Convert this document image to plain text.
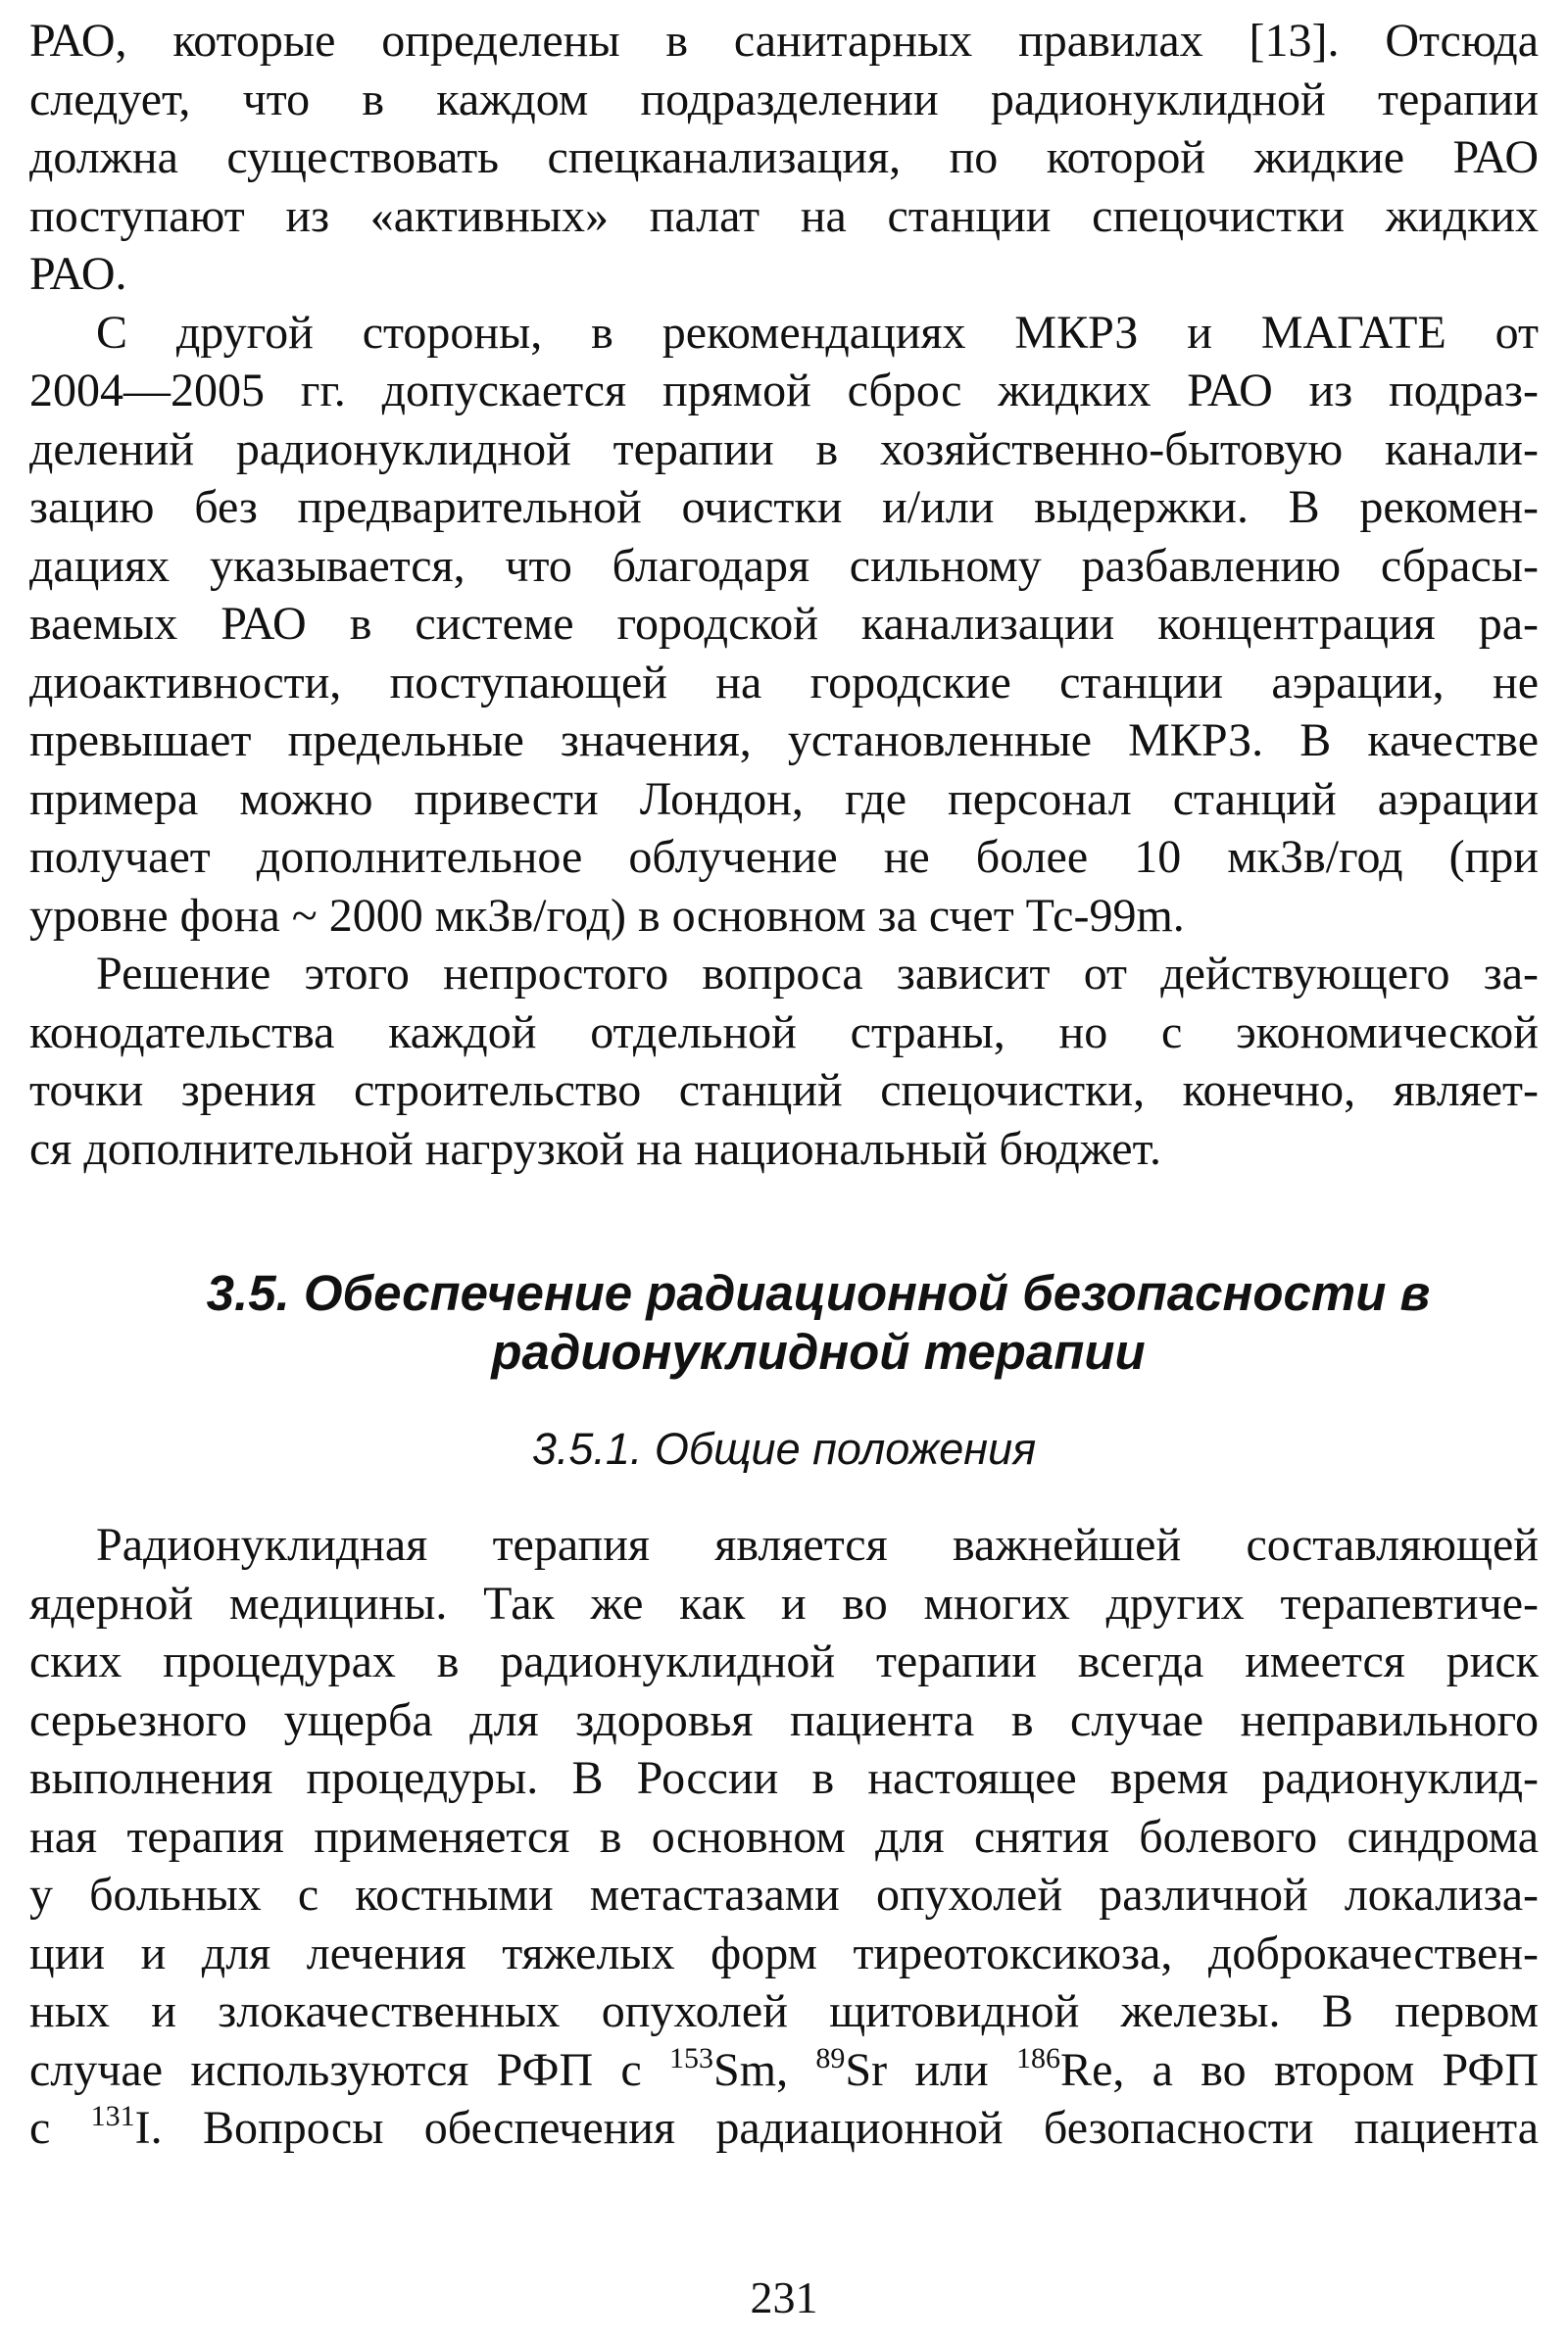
РАО, которые определены в санитарных правилах [13]. Отсюда
следует, что в каждом подразделении радионуклидной терапии
должна существовать спецканализация, по которой жидкие РАО
поступают из «активных» палат на станции спецочистки жидких
РАО.
С другой стороны, в рекомендациях МКРЗ и МАГАТЕ от
2004—2005 гг. допускается прямой сброс жидких РАО из подраз-
делений радионуклидной терапии в хозяйственно-бытовую канали-
зацию без предварительной очистки и/или выдержки. В рекомен-
дациях указывается, что благодаря сильному разбавлению сбрасы-
ваемых РАО в системе городской канализации концентрация ра-
диоактивности, поступающей на городские станции аэрации, не
превышает предельные значения, установленные МКРЗ. В качестве
примера можно привести Лондон, где персонал станций аэрации
получает дополнительное облучение не более 10 мкЗв/год (при
уровне фона ~ 2000 мкЗв/год) в основном за счет Тс-99m.
Решение этого непростого вопроса зависит от действующего за-
конодательства каждой отдельной страны, но с экономической
точки зрения строительство станций спецочистки, конечно, являет-
ся дополнительной нагрузкой на национальный бюджет.
3.5. Обеспечение радиационной безопасности в
радионуклидной терапии
3.5.1. Общие положения
Радионуклидная терапия является важнейшей составляющей
ядерной медицины. Так же как и во многих других терапевтиче-
ских процедурах в радионуклидной терапии всегда имеется риск
серьезного ущерба для здоровья пациента в случае неправильного
выполнения процедуры. В России в настоящее время радионуклид-
ная терапия применяется в основном для снятия болевого синдрома
у больных с костными метастазами опухолей различной локализа-
ции и для лечения тяжелых форм тиреотоксикоза, доброкачествен-
ных и злокачественных опухолей щитовидной железы. В первом
случае используются РФП с $^{153}$Sm, $^{89}$Sr или $^{186}$Re, а во втором РФП
с $^{131}$I. Вопросы обеспечения радиационной безопасности пациента
231
